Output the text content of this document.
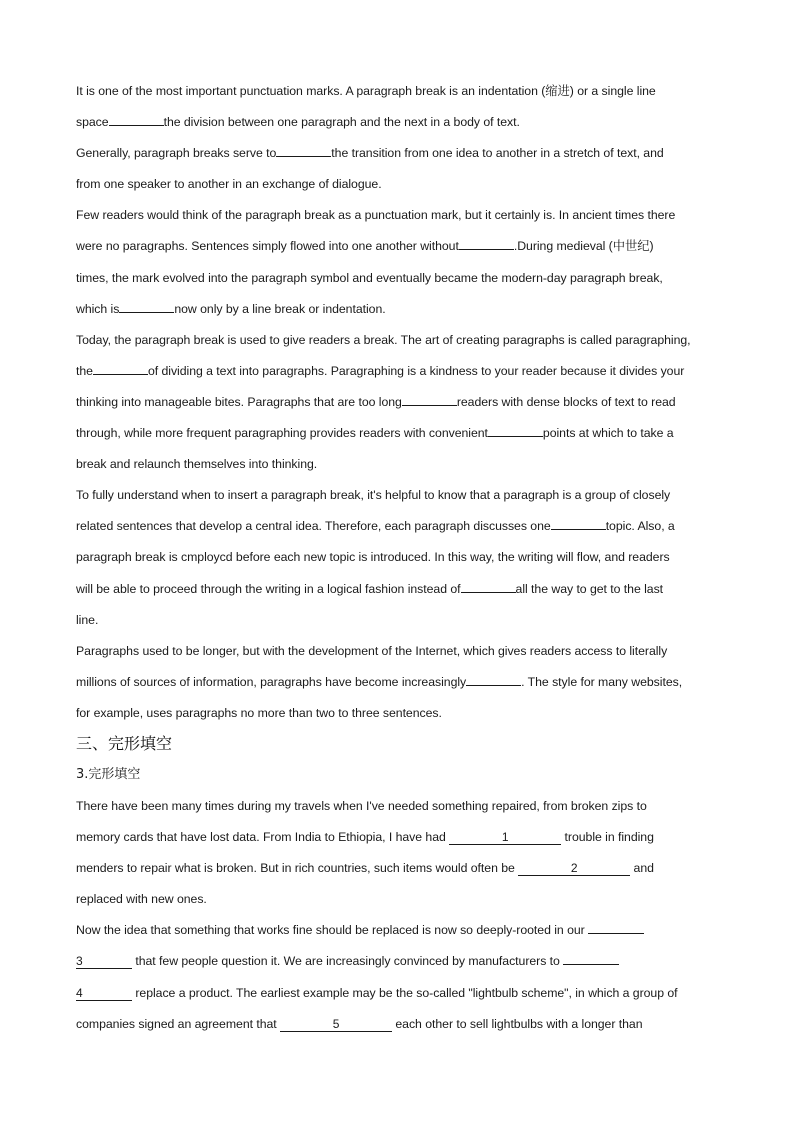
It is one of the most important punctuation marks. A paragraph break is an indentation (缩进) or a single line
space	the division between one paragraph and the next in a body of text.
Generally, paragraph breaks serve to	the transition from one idea to another in a stretch of text, and
from one speaker to another in an exchange of dialogue.
Few readers would think of the paragraph break as a punctuation mark, but it certainly is. In ancient times there
were no paragraphs. Sentences simply flowed into one another without	.During medieval (中世纪)
times, the mark evolved into the paragraph symbol and eventually became the modern-day paragraph break,
which is	now only by a line break or indentation.
Today, the paragraph break is used to give readers a break. The art of creating paragraphs is called paragraphing,
the	of dividing a text into paragraphs. Paragraphing is a kindness to your reader because it divides your
thinking into manageable bites. Paragraphs that are too long	readers with dense blocks of text to read
through, while more frequent paragraphing provides readers with convenient	points at which to take a
break and relaunch themselves into thinking.
To fully understand when to insert a paragraph break, it's helpful to know that a paragraph is a group of closely
related sentences that develop a central idea. Therefore, each paragraph discusses one	topic. Also, a
paragraph break is cmploycd before each new topic is introduced. In this way, the writing will flow, and readers
will be able to proceed through the writing in a logical fashion instead of	all the way to get to the last
line.
Paragraphs used to be longer, but with the development of the Internet, which gives readers access to literally
millions of sources of information, paragraphs have become increasingly	. The style for many websites,
for example, uses paragraphs no more than two to three sentences.
三、完形填空
3.完形填空
There have been many times during my travels when I've needed something repaired, from broken zips to
memory cards that have lost data. From India to Ethiopia, I have had	1	trouble in finding
menders to repair what is broken. But in rich countries, such items would often be	2	and
replaced with new ones.
Now the idea that something that works fine should be replaced is now so deeply-rooted in our
3	that few people question it. We are increasingly convinced by manufacturers to
4	replace a product. The earliest example may be the so-called "lightbulb scheme", in which a group of
companies signed an agreement that	5	each other to sell lightbulbs with a longer than
